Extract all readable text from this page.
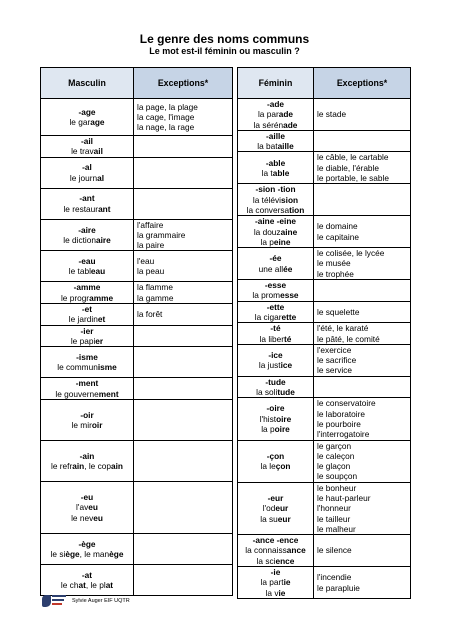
Le genre des noms communs
Le mot est-il féminin ou masculin ?
Masculin	Exceptions*

-age
le garage	la page, la plage
la cage, l'image
la nage, la rage

-ail
le travail	

-al
le journal	

-ant
le restaurant	

-aire
le dictionaire	l'affaire
la grammaire
la paire

-eau
le tableau	l'eau
la peau

-amme
le programme	la flamme
la gamme

-et
le jardinet	la forêt

-ier
le papier	

-isme
le communisme	

-ment
le gouvernement	

-oir
le miroir	

-ain
le refrain, le copain	

-eu
l'aveu
le neveu	

-ège
le siège, le manège	

-at
le chat, le plat	

Féminin	Exceptions*

-ade
la parade
la sérénade	le stade

-aille
la bataille	

-able
la table	le câble, le cartable
le diable, l'érable
le portable, le sable

-sion -tion
la télévision
la conversation	

-aine -eine
la douzaine
la peine	le domaine
le capitaine

-ée
une allée	le colisée, le lycée
le musée
le trophée

-esse
la promesse	

-ette
la cigarette	le squelette

-té
la liberté	l'été, le karaté
le pâté, le comité

-ice
la justice	l'exercice
le sacrifice
le service

-tude
la solitude	

-oire
l'histoire
la poire	le conservatoire
le laboratoire
le pourboire
l'interrogatoire

-çon
la leçon	le garçon
le caleçon
le glaçon
le soupçon

-eur
l'odeur
la sueur	le bonheur
le haut-parleur
l'honneur
le tailleur
le malheur

-ance -ence
la connaissance
la science	le silence

-ie
la partie
la vie	l'incendie
le parapluie
Sylvie Auger EIF UQTR
